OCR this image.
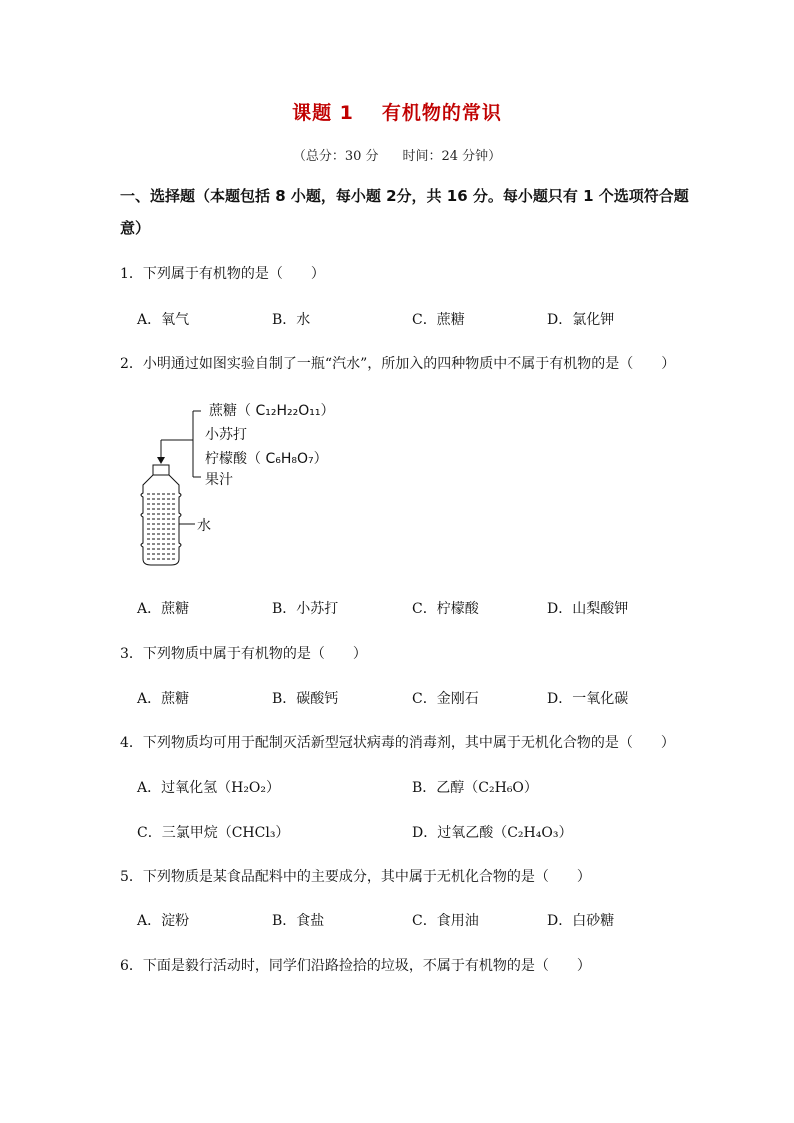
课题 1 有机物的常识
（总分：30 分 时间：24 分钟）
一、选择题（本题包括 8 小题，每小题 2分，共 16 分。每小题只有 1 个选项符合题意）
1．下列属于有机物的是（　　）
A．氧气	B．水	C．蔗糖	D．氯化钾
2．小明通过如图实验自制了一瓶“汽水”，所加入的四种物质中不属于有机物的是（　　）
蔗糖（ C₁₂H₂₂O₁₁）
小苏打
柠檬酸（ C₆H₈O₇）
果汁
水
A．蔗糖	B．小苏打	C．柠檬酸	D．山梨酸钾
3．下列物质中属于有机物的是（　　）
A．蔗糖	B．碳酸钙	C．金刚石	D．一氧化碳
4．下列物质均可用于配制灭活新型冠状病毒的消毒剂，其中属于无机化合物的是（　　）
A．过氧化氢（H₂O₂）	B．乙醇（C₂H₆O）
C．三氯甲烷（CHCl₃）	D．过氧乙酸（C₂H₄O₃）
5．下列物质是某食品配料中的主要成分，其中属于无机化合物的是（　　）
A．淀粉	B．食盐	C．食用油	D．白砂糖
6．下面是毅行活动时，同学们沿路捡拾的垃圾，不属于有机物的是（　　）
